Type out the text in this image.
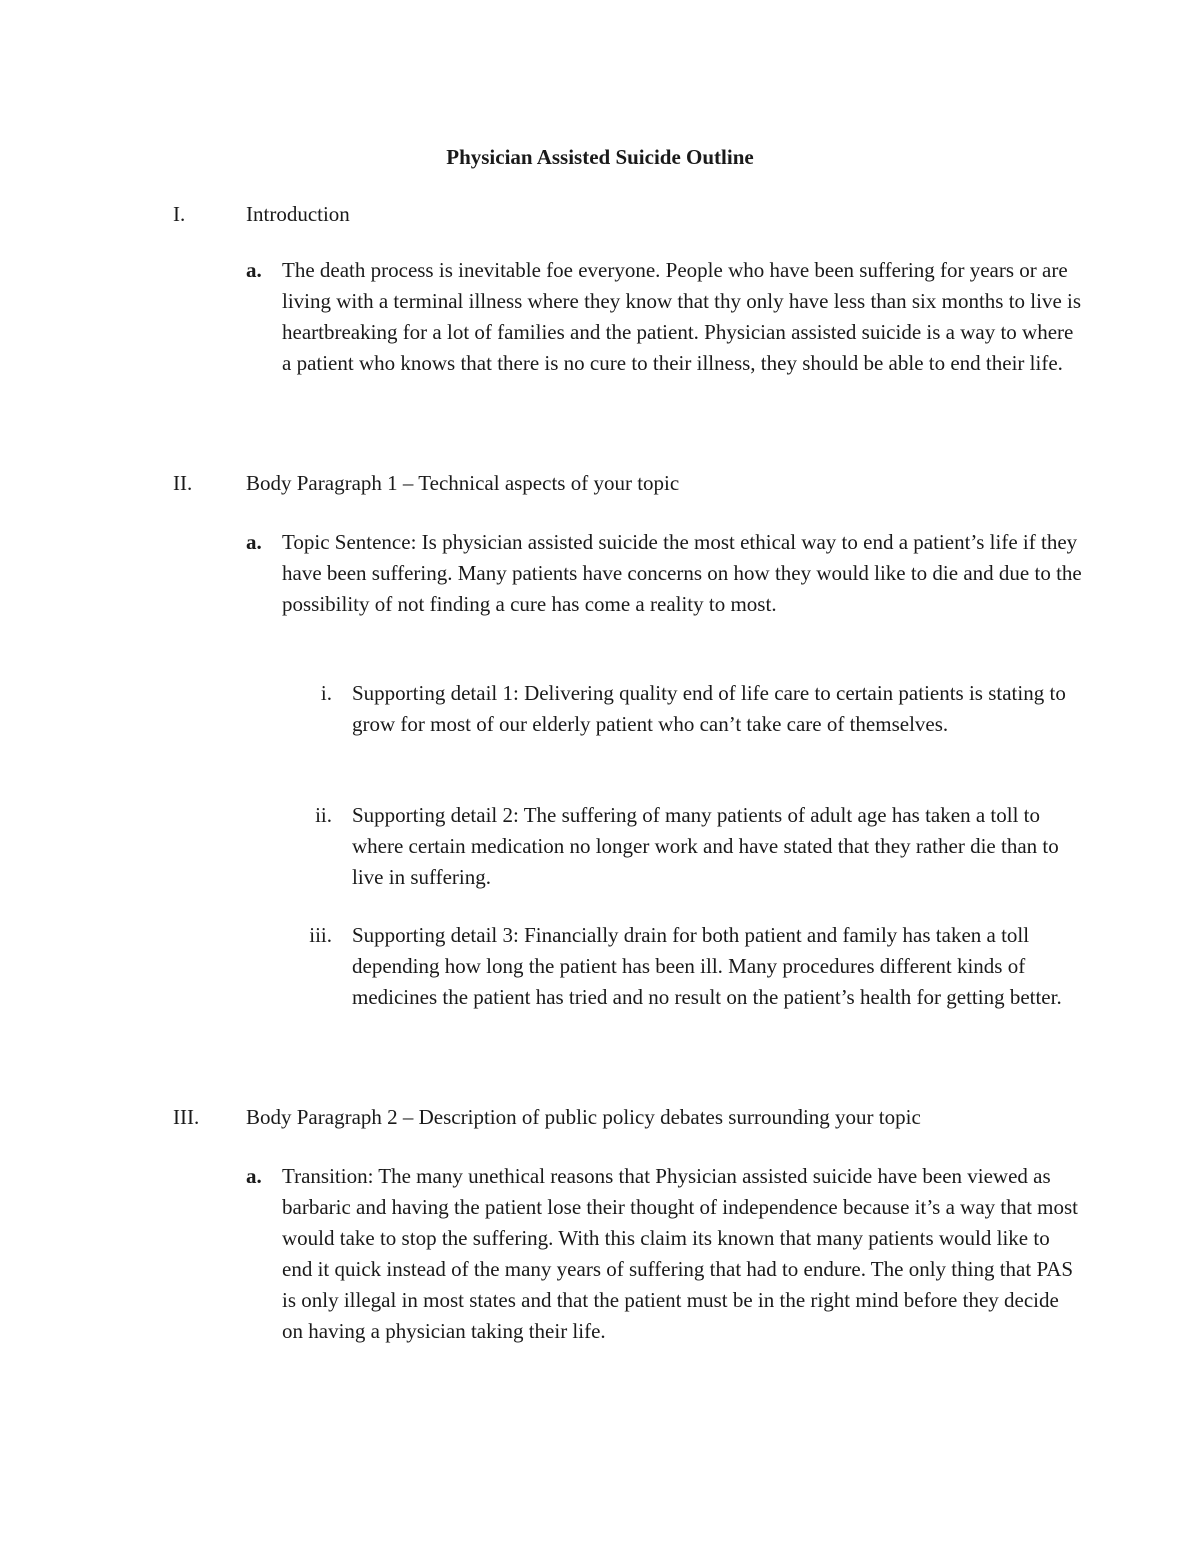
Physician Assisted Suicide Outline
I.	Introduction
a. The death process is inevitable foe everyone. People who have been suffering for years or are living with a terminal illness where they know that thy only have less than six months to live is heartbreaking for a lot of families and the patient. Physician assisted suicide is a way to where a patient who knows that there is no cure to their illness, they should be able to end their life.
II.	Body Paragraph 1 – Technical aspects of your topic
a. Topic Sentence: Is physician assisted suicide the most ethical way to end a patient’s life if they have been suffering. Many patients have concerns on how they would like to die and due to the possibility of not finding a cure has come a reality to most.
i. Supporting detail 1: Delivering quality end of life care to certain patients is stating to grow for most of our elderly patient who can’t take care of themselves.
ii. Supporting detail 2: The suffering of many patients of adult age has taken a toll to where certain medication no longer work and have stated that they rather die than to live in suffering.
iii. Supporting detail 3: Financially drain for both patient and family has taken a toll depending how long the patient has been ill. Many procedures different kinds of medicines the patient has tried and no result on the patient’s health for getting better.
III.	Body Paragraph 2 – Description of public policy debates surrounding your topic
a. Transition: The many unethical reasons that Physician assisted suicide have been viewed as barbaric and having the patient lose their thought of independence because it’s a way that most would take to stop the suffering. With this claim its known that many patients would like to end it quick instead of the many years of suffering that had to endure. The only thing that PAS is only illegal in most states and that the patient must be in the right mind before they decide on having a physician taking their life.
